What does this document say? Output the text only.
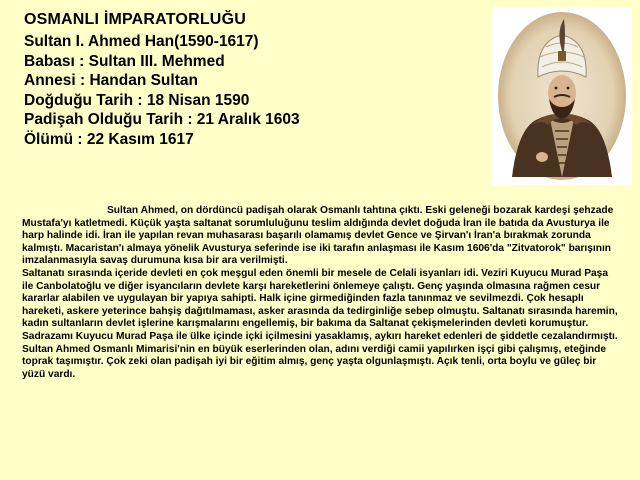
OSMANLI İMPARATORLUĞU
Sultan I. Ahmed Han(1590-1617)
Babası : Sultan III. Mehmed
Annesi : Handan Sultan
Doğduğu Tarih : 18 Nisan 1590
Padişah Olduğu Tarih : 21 Aralık 1603
Ölümü : 22 Kasım 1617

Sultan Ahmed, on dördüncü padişah olarak Osmanlı tahtına çıktı. Eski geleneği bozarak kardeşi şehzade Mustafa'yı katletmedi. Küçük yaşta saltanat sorumluluğunu teslim aldığında devlet doğuda İran ile batıda da Avusturya ile harp halinde idi. İran ile yapılan revan muhasarası başarılı olamamış devlet Gence ve Şirvan'ı İran'a bırakmak zorunda kalmıştı. Macaristan'ı almaya yönelik Avusturya seferinde ise iki tarafın anlaşması ile Kasım 1606'da "Zitvatorok" barışının imzalanmasıyla savaş durumuna kısa bir ara verilmişti.

Saltanatı sırasında içeride devleti en çok meşgul eden önemli bir mesele de Celali isyanları idi. Veziri Kuyucu Murad Paşa ile Canbolatoğlu ve diğer isyancıların devlete karşı hareketlerini önlemeye çalıştı. Genç yaşında olmasına rağmen cesur kararlar alabilen ve uygulayan bir yapıya sahipti. Halk içine girmediğinden fazla tanınmaz ve sevilmezdi. Çok hesaplı hareketi, askere yeterince bahşiş dağıtılmaması, asker arasında da tedirginliğe sebep olmuştu. Saltanatı sırasında haremin, kadın sultanların devlet işlerine karışmalarını engellemiş, bir bakıma da Saltanat çekişmelerinden devleti korumuştur. Sadrazamı Kuyucu Murad Paşa ile ülke içinde içki içilmesini yasaklamış, aykırı hareket edenleri de şiddetle cezalandırmıştı.

Sultan Ahmed Osmanlı Mimarisi'nin en büyük eserlerinden olan, adını verdiği camii yapılırken işçi gibi çalışmış, eteğinde toprak taşımıştır. Çok zeki olan padişah iyi bir eğitim almış, genç yaşta olgunlaşmıştı. Açık tenli, orta boylu ve güleç bir yüzü vardı.
